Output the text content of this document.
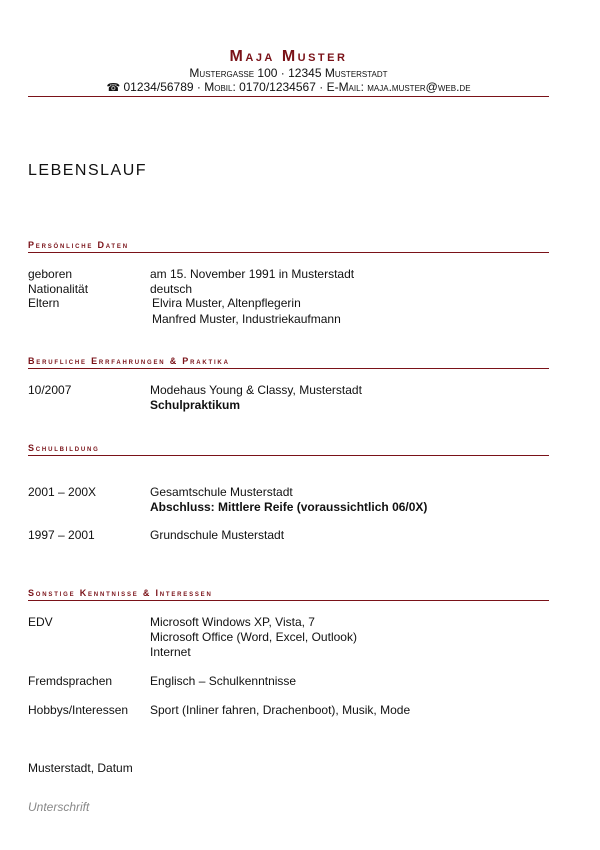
Maja Muster
Mustergasse 100 · 12345 Musterstadt
☎ 01234/56789 · Mobil: 0170/1234567 · E-Mail: maja.muster@web.de
LEBENSLAUF
Persönliche Daten
geboren	am 15. November 1991 in Musterstadt
Nationalität	deutsch
Eltern	Elvira Muster, Altenpflegerin
Manfred Muster, Industriekaufmann
Berufliche Errfahrungen & Praktika
10/2007	Modehaus Young & Classy, Musterstadt
Schulpraktikum
Schulbildung
2001 – 200X	Gesamtschule Musterstadt
Abschluss: Mittlere Reife (voraussichtlich 06/0X)
1997 – 2001	Grundschule Musterstadt
Sonstige Kenntnisse & Interessen
EDV	Microsoft Windows XP, Vista, 7
Microsoft Office (Word, Excel, Outlook)
Internet
Fremdsprachen	Englisch – Schulkenntnisse
Hobbys/Interessen Sport (Inliner fahren, Drachenboot), Musik, Mode
Musterstadt, Datum
Unterschrift
